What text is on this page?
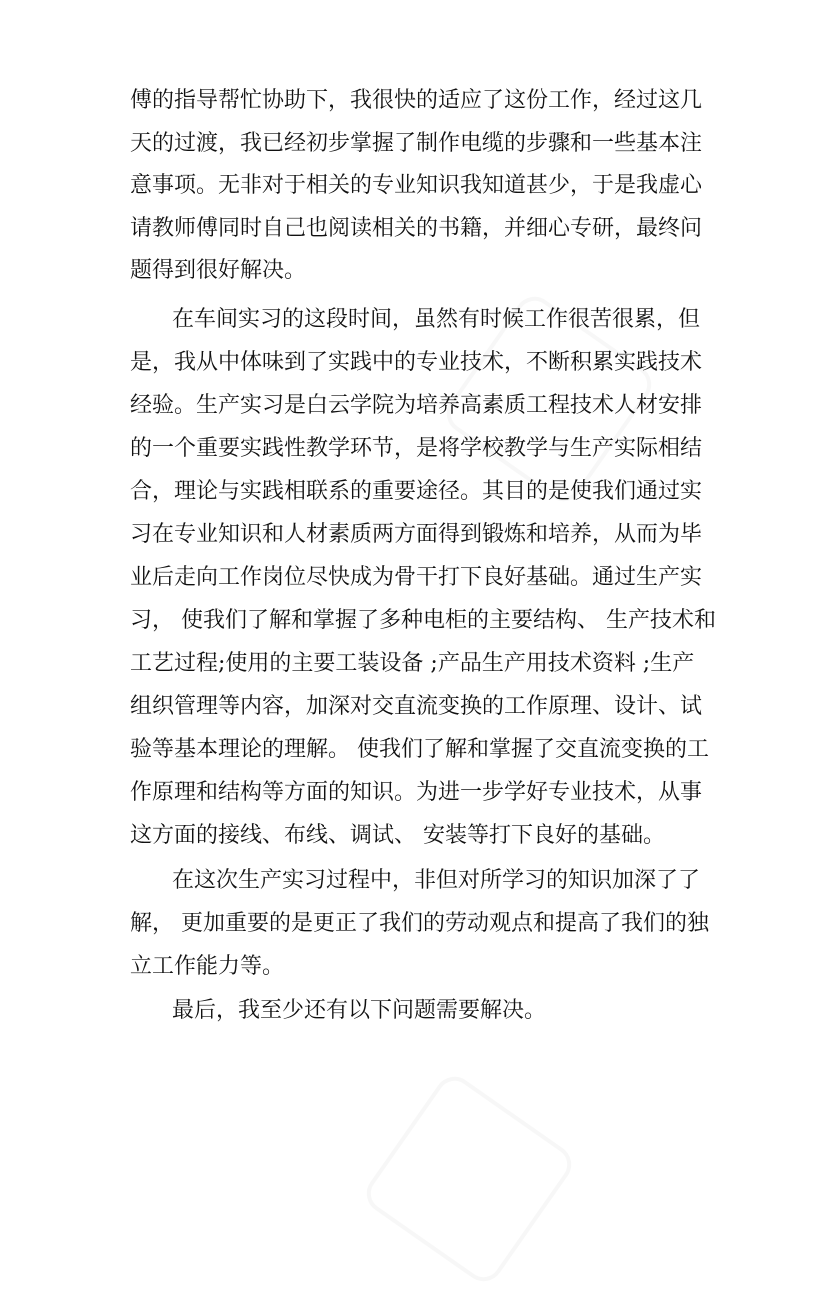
傅的指导帮忙协助下，我很快的适应了这份工作，经过这几
天的过渡，我已经初步掌握了制作电缆的步骤和一些基本注
意事项。无非对于相关的专业知识我知道甚少，于是我虚心
请教师傅同时自己也阅读相关的书籍，并细心专研，最终问
题得到很好解决。
在车间实习的这段时间，虽然有时候工作很苦很累，但
是，我从中体味到了实践中的专业技术，不断积累实践技术
经验。生产实习是白云学院为培养高素质工程技术人材安排
的一个重要实践性教学环节，是将学校教学与生产实际相结
合，理论与实践相联系的重要途径。其目的是使我们通过实
习在专业知识和人材素质两方面得到锻炼和培养，从而为毕
业后走向工作岗位尽快成为骨干打下良好基础。通过生产实
习， 使我们了解和掌握了多种电柜的主要结构、 生产技术和
工艺过程;使用的主要工装设备 ;产品生产用技术资料 ;生产
组织管理等内容，加深对交直流变换的工作原理、设计、试
验等基本理论的理解。 使我们了解和掌握了交直流变换的工
作原理和结构等方面的知识。为进一步学好专业技术，从事
这方面的接线、布线、调试、 安装等打下良好的基础。
在这次生产实习过程中，非但对所学习的知识加深了了
解， 更加重要的是更正了我们的劳动观点和提高了我们的独
立工作能力等。
最后，我至少还有以下问题需要解决。
